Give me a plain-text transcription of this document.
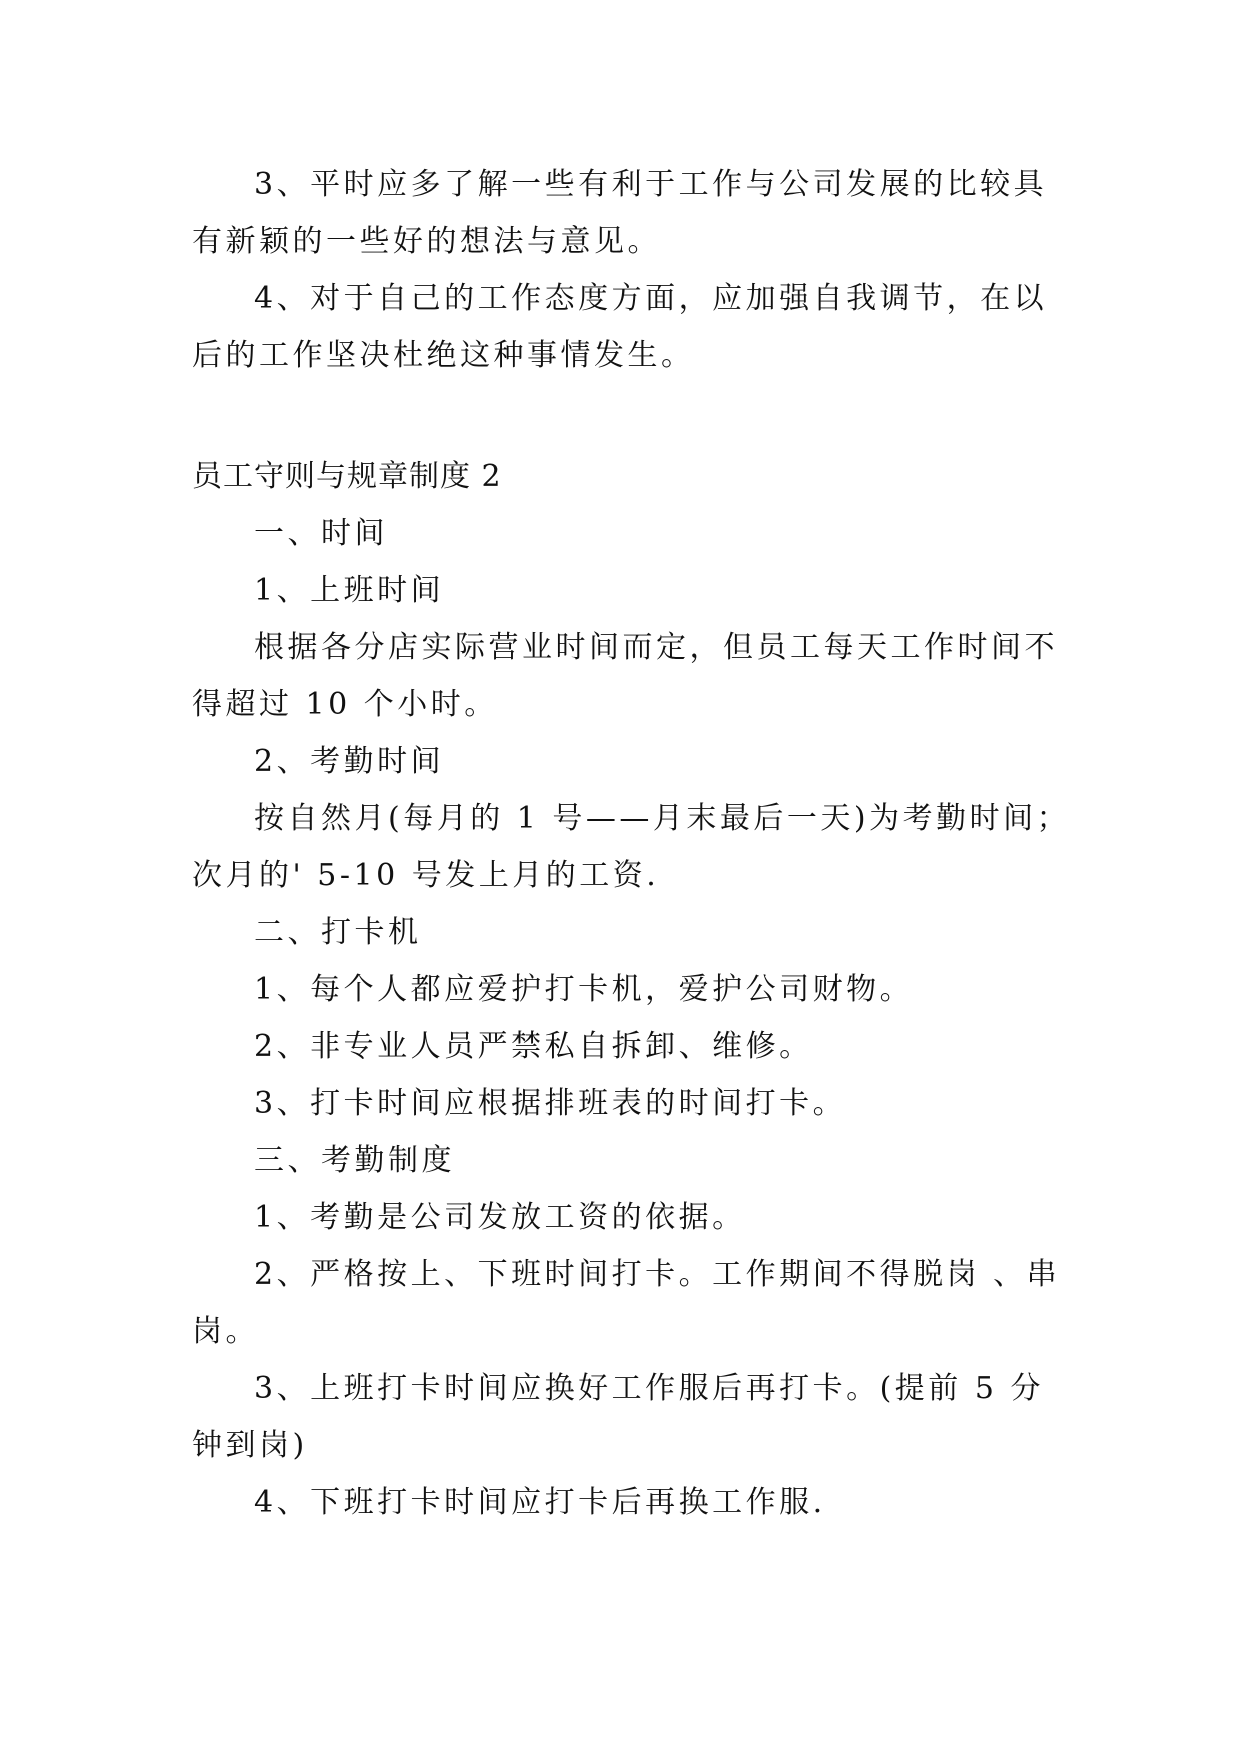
3、平时应多了解一些有利于工作与公司发展的比较具
有新颖的一些好的想法与意见。
4、对于自己的工作态度方面，应加强自我调节，在以
后的工作坚决杜绝这种事情发生。
员工守则与规章制度 2
一、时间
1、上班时间
根据各分店实际营业时间而定，但员工每天工作时间不
得超过 10 个小时。
2、考勤时间
按自然月(每月的 1 号——月末最后一天)为考勤时间；
次月的' 5-10 号发上月的工资.
二、打卡机
1、每个人都应爱护打卡机，爱护公司财物。
2、非专业人员严禁私自拆卸、维修。
3、打卡时间应根据排班表的时间打卡。
三、考勤制度
1、考勤是公司发放工资的依据。
2、严格按上、下班时间打卡。工作期间不得脱岗 、串
岗。
3、上班打卡时间应换好工作服后再打卡。(提前 5 分
钟到岗)
4、下班打卡时间应打卡后再换工作服.
